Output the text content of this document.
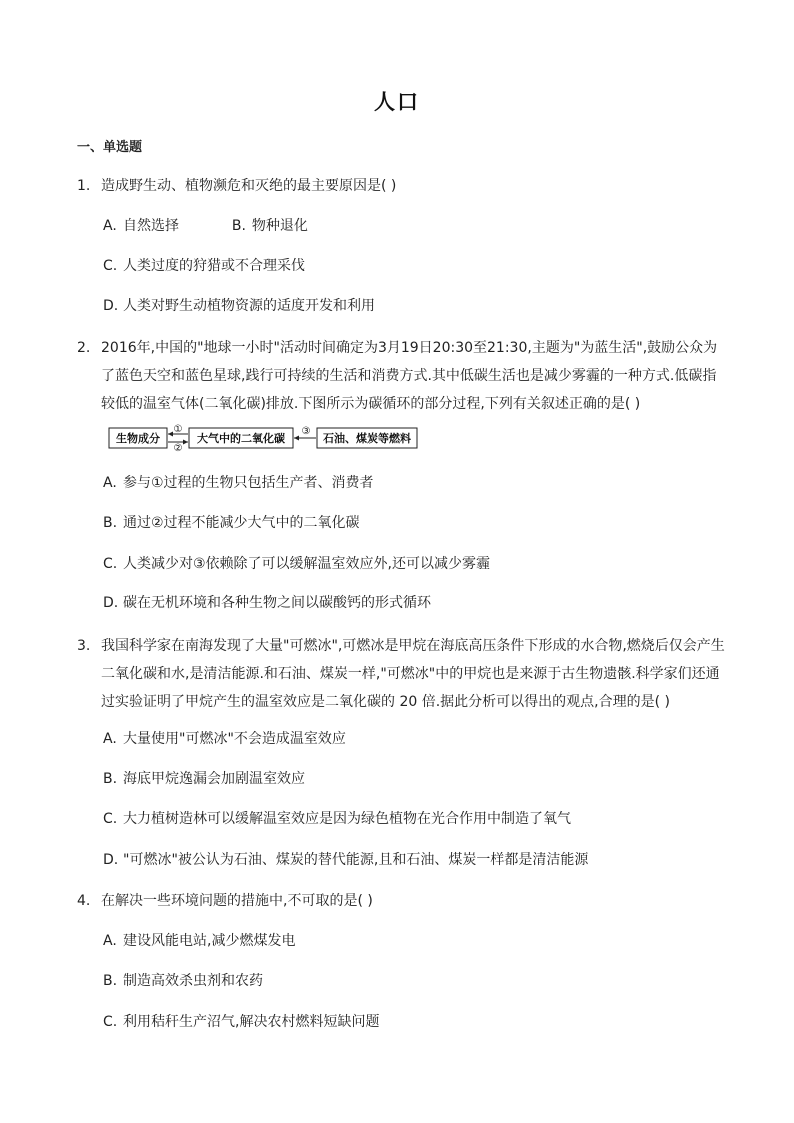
人口
一、单选题
1. 造成野生动、植物濒危和灭绝的最主要原因是( )
A. 自然选择	B. 物种退化
C. 人类过度的狩猎或不合理采伐
D. 人类对野生动植物资源的适度开发和利用
2. 2016年,中国的"地球一小时"活动时间确定为3月19日20:30至21:30,主题为"为蓝生活",鼓励公众为了蓝色天空和蓝色星球,践行可持续的生活和消费方式.其中低碳生活也是减少雾霾的一种方式.低碳指较低的温室气体(二氧化碳)排放.下图所示为碳循环的部分过程,下列有关叙述正确的是( )
生物成分
①
②
大气中的二氧化碳
③
石油、煤炭等燃料
A. 参与①过程的生物只包括生产者、消费者
B. 通过②过程不能减少大气中的二氧化碳
C. 人类减少对③依赖除了可以缓解温室效应外,还可以减少雾霾
D. 碳在无机环境和各种生物之间以碳酸钙的形式循环
3. 我国科学家在南海发现了大量"可燃冰",可燃冰是甲烷在海底高压条件下形成的水合物,燃烧后仅会产生二氧化碳和水,是清洁能源.和石油、煤炭一样,"可燃冰"中的甲烷也是来源于古生物遗骸.科学家们还通过实验证明了甲烷产生的温室效应是二氧化碳的 20 倍.据此分析可以得出的观点,合理的是( )
A. 大量使用"可燃冰"不会造成温室效应
B. 海底甲烷逸漏会加剧温室效应
C. 大力植树造林可以缓解温室效应是因为绿色植物在光合作用中制造了氧气
D. "可燃冰"被公认为石油、煤炭的替代能源,且和石油、煤炭一样都是清洁能源
4. 在解决一些环境问题的措施中,不可取的是( )
A. 建设风能电站,减少燃煤发电
B. 制造高效杀虫剂和农药
C. 利用秸秆生产沼气,解决农村燃料短缺问题
